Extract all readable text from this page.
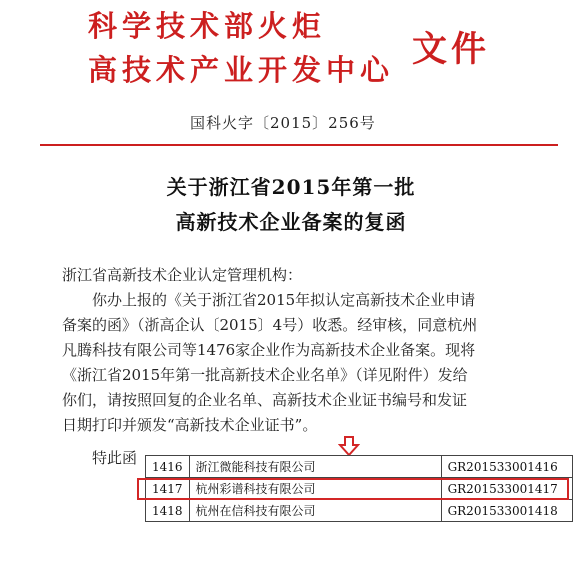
科学技术部火炬
高技术产业开发中心 文件
国科火字〔2015〕256号
关于浙江省2015年第一批
高新技术企业备案的复函
浙江省高新技术企业认定管理机构：
你办上报的《关于浙江省2015年拟认定高新技术企业申请
备案的函》（浙高企认〔2015〕4号）收悉。经审核，同意杭州
凡腾科技有限公司等1476家企业作为高新技术企业备案。现将
《浙江省2015年第一批高新技术企业名单》（详见附件）发给
你们，请按照回复的企业名单、高新技术企业证书编号和发证
日期打印并颁发“高新技术企业证书”。
特此函 1416	浙江微能科技有限公司	GR201533001416
1417	杭州彩谱科技有限公司	GR201533001417
1418	杭州在信科技有限公司	GR201533001418
